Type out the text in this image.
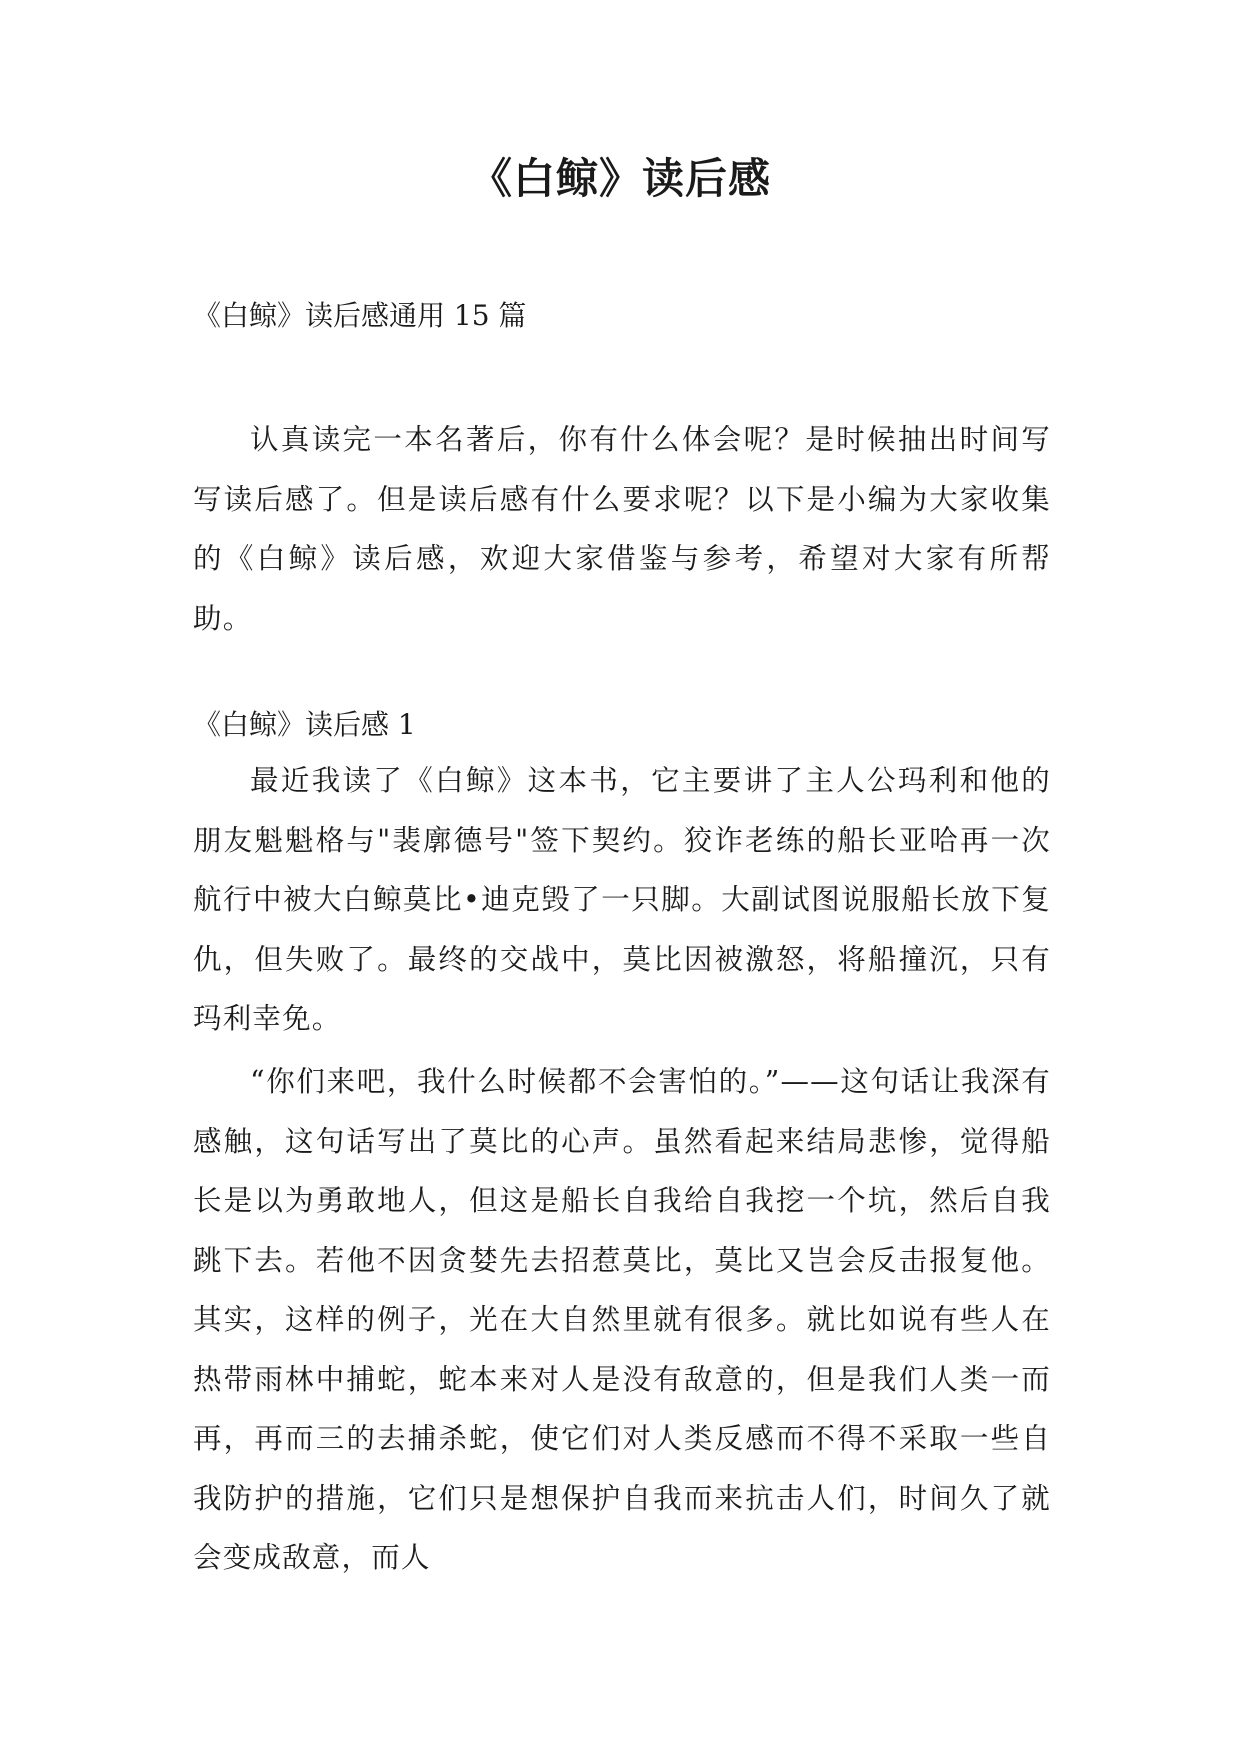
《白鲸》读后感

《白鲸》读后感通用 15 篇

认真读完一本名著后，你有什么体会呢？是时候抽出时间写写读后感了。但是读后感有什么要求呢？以下是小编为大家收集的《白鲸》读后感，欢迎大家借鉴与参考，希望对大家有所帮助。

《白鲸》读后感 1

最近我读了《白鲸》这本书，它主要讲了主人公玛利和他的朋友魁魁格与"裴廓德号"签下契约。狡诈老练的船长亚哈再一次航行中被大白鲸莫比•迪克毁了一只脚。大副试图说服船长放下复仇，但失败了。最终的交战中，莫比因被激怒，将船撞沉，只有玛利幸免。

“你们来吧，我什么时候都不会害怕的。”——这句话让我深有感触，这句话写出了莫比的心声。虽然看起来结局悲惨，觉得船长是以为勇敢地人，但这是船长自我给自我挖一个坑，然后自我跳下去。若他不因贪婪先去招惹莫比，莫比又岂会反击报复他。其实，这样的例子，光在大自然里就有很多。就比如说有些人在热带雨林中捕蛇，蛇本来对人是没有敌意的，但是我们人类一而再，再而三的去捕杀蛇，使它们对人类反感而不得不采取一些自我防护的措施，它们只是想保护自我而来抗击人们，时间久了就会变成敌意，而人
